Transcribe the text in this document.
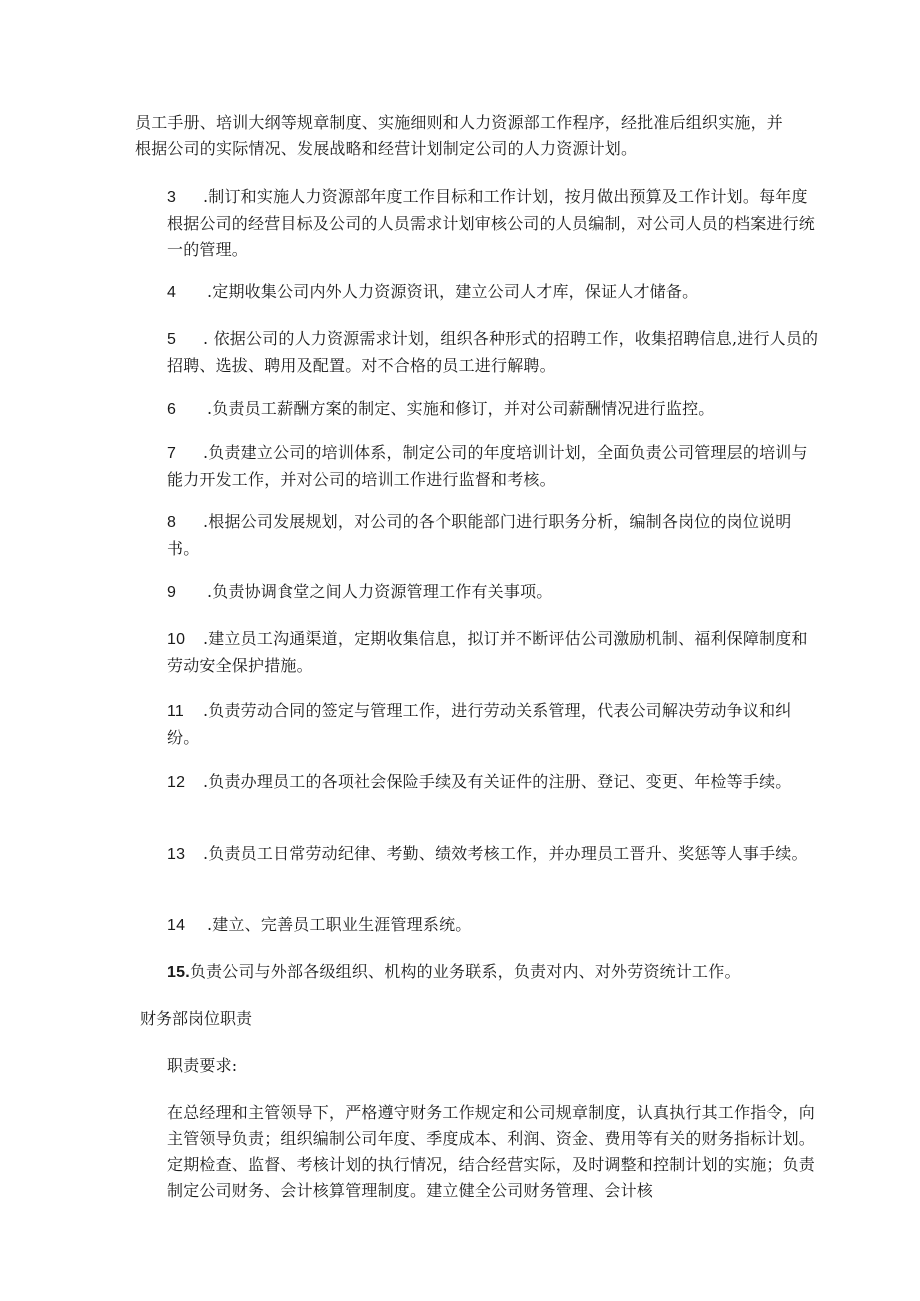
员工手册、培训大纲等规章制度、实施细则和人力资源部工作程序，经批准后组织实施，并根据公司的实际情况、发展战略和经营计划制定公司的人力资源计划。

3 .制订和实施人力资源部年度工作目标和工作计划，按月做出预算及工作计划。每年度根据公司的经营目标及公司的人员需求计划审核公司的人员编制，对公司人员的档案进行统一的管理。

4 .定期收集公司内外人力资源资讯，建立公司人才库，保证人才储备。

5 . 依据公司的人力资源需求计划，组织各种形式的招聘工作，收集招聘信息,进行人员的招聘、选拔、聘用及配置。对不合格的员工进行解聘。

6 .负责员工薪酬方案的制定、实施和修订，并对公司薪酬情况进行监控。

7 .负责建立公司的培训体系，制定公司的年度培训计划，全面负责公司管理层的培训与能力开发工作，并对公司的培训工作进行监督和考核。

8 .根据公司发展规划，对公司的各个职能部门进行职务分析，编制各岗位的岗位说明书。

9 .负责协调食堂之间人力资源管理工作有关事项。

10 .建立员工沟通渠道，定期收集信息，拟订并不断评估公司激励机制、福利保障制度和劳动安全保护措施。

11 .负责劳动合同的签定与管理工作，进行劳动关系管理，代表公司解决劳动争议和纠纷。

12 .负责办理员工的各项社会保险手续及有关证件的注册、登记、变更、年检等手续。

13 .负责员工日常劳动纪律、考勤、绩效考核工作，并办理员工晋升、奖惩等人事手续。

14 .建立、完善员工职业生涯管理系统。

15.负责公司与外部各级组织、机构的业务联系，负责对内、对外劳资统计工作。

财务部岗位职责

职责要求:

在总经理和主管领导下，严格遵守财务工作规定和公司规章制度，认真执行其工作指令，向主管领导负责；组织编制公司年度、季度成本、利润、资金、费用等有关的财务指标计划。定期检查、监督、考核计划的执行情况，结合经营实际，及时调整和控制计划的实施；负责制定公司财务、会计核算管理制度。建立健全公司财务管理、会计核
